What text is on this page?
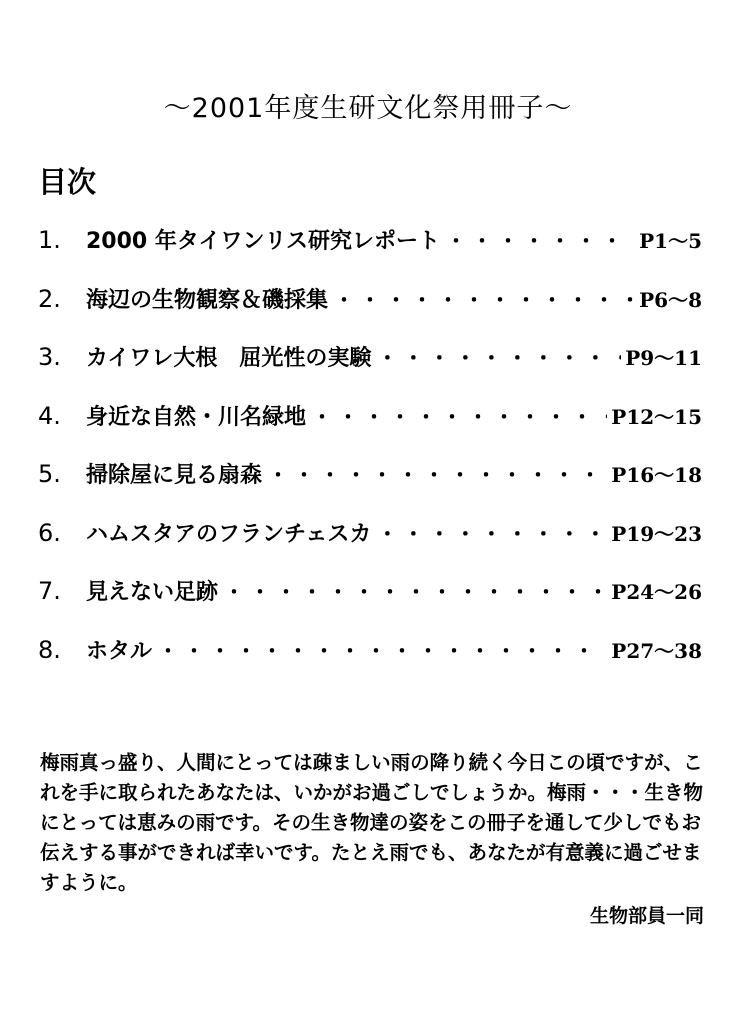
〜2001年度生研文化祭用冊子〜
目次
1.	2000 年タイワンリス研究レポート ・・・・・・・・・・・・・・・・・・・・・・・・・・・・・・・・・・・・・・・・・・・・	P1〜5
2.	海辺の生物観察＆磯採集 ・・・・・・・・・・・・・・・・・・・・・・・・・・・・・・・・・・・・・・・・・・・・	P6〜8
3.	カイワレ大根　屈光性の実験 ・・・・・・・・・・・・・・・・・・・・・・・・・・・・・・・・・・・・・・・・・・・・	P9〜11
4.	身近な自然・川名緑地 ・・・・・・・・・・・・・・・・・・・・・・・・・・・・・・・・・・・・・・・・・・・・	P12〜15
5.	掃除屋に見る扇森 ・・・・・・・・・・・・・・・・・・・・・・・・・・・・・・・・・・・・・・・・・・・・	P16〜18
6.	ハムスタアのフランチェスカ ・・・・・・・・・・・・・・・・・・・・・・・・・・・・・・・・・・・・・・・・・・・・	P19〜23
7.	見えない足跡 ・・・・・・・・・・・・・・・・・・・・・・・・・・・・・・・・・・・・・・・・・・・・	P24〜26
8.	ホタル ・・・・・・・・・・・・・・・・・・・・・・・・・・・・・・・・・・・・・・・・・・・・	P27〜38

梅雨真っ盛り、人間にとっては疎ましい雨の降り続く今日この頃ですが、これを手に取られたあなたは、いかがお過ごしでしょうか。梅雨・・・生き物にとっては恵みの雨です。その生き物達の姿をこの冊子を通して少しでもお伝えする事ができれば幸いです。たとえ雨でも、あなたが有意義に過ごせますように。

生物部員一同
